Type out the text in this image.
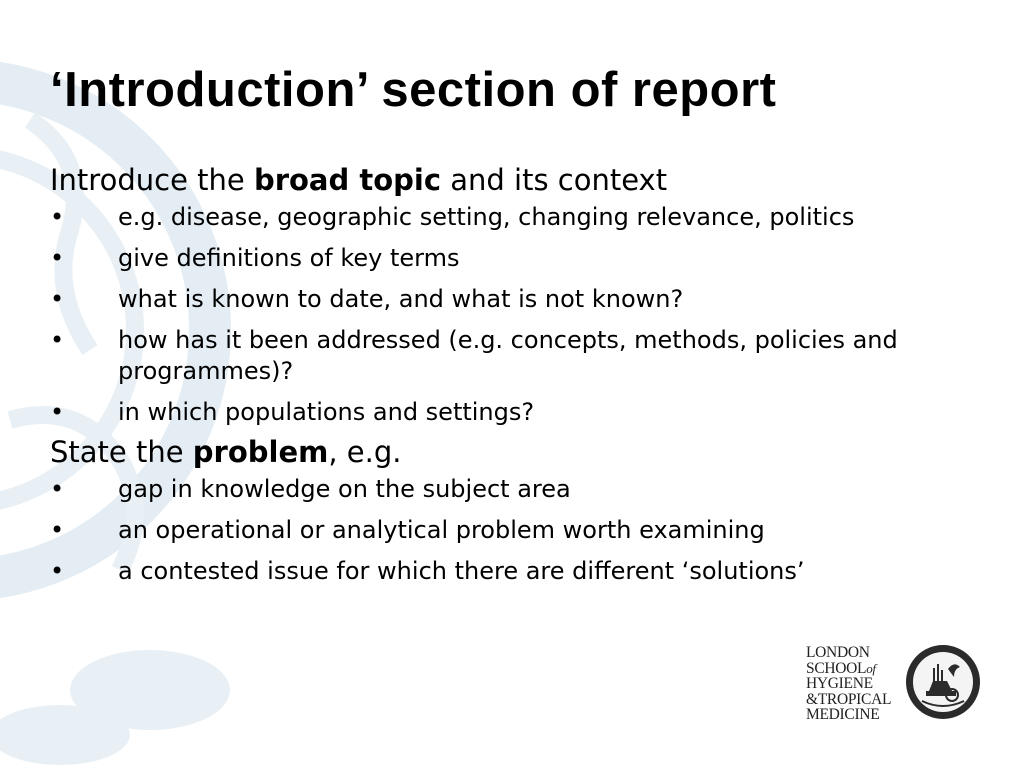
‘Introduction’ section of report

Introduce the broad topic and its context

• e.g. disease, geographic setting, changing relevance, politics
• give definitions of key terms
• what is known to date, and what is not known?
• how has it been addressed (e.g. concepts, methods, policies and programmes)?
• in which populations and settings?

State the problem, e.g.

• gap in knowledge on the subject area
• an operational or analytical problem worth examining
• a contested issue for which there are different ‘solutions’
LONDON
SCHOOLof
HYGIENE
&TROPICAL
MEDICINE
